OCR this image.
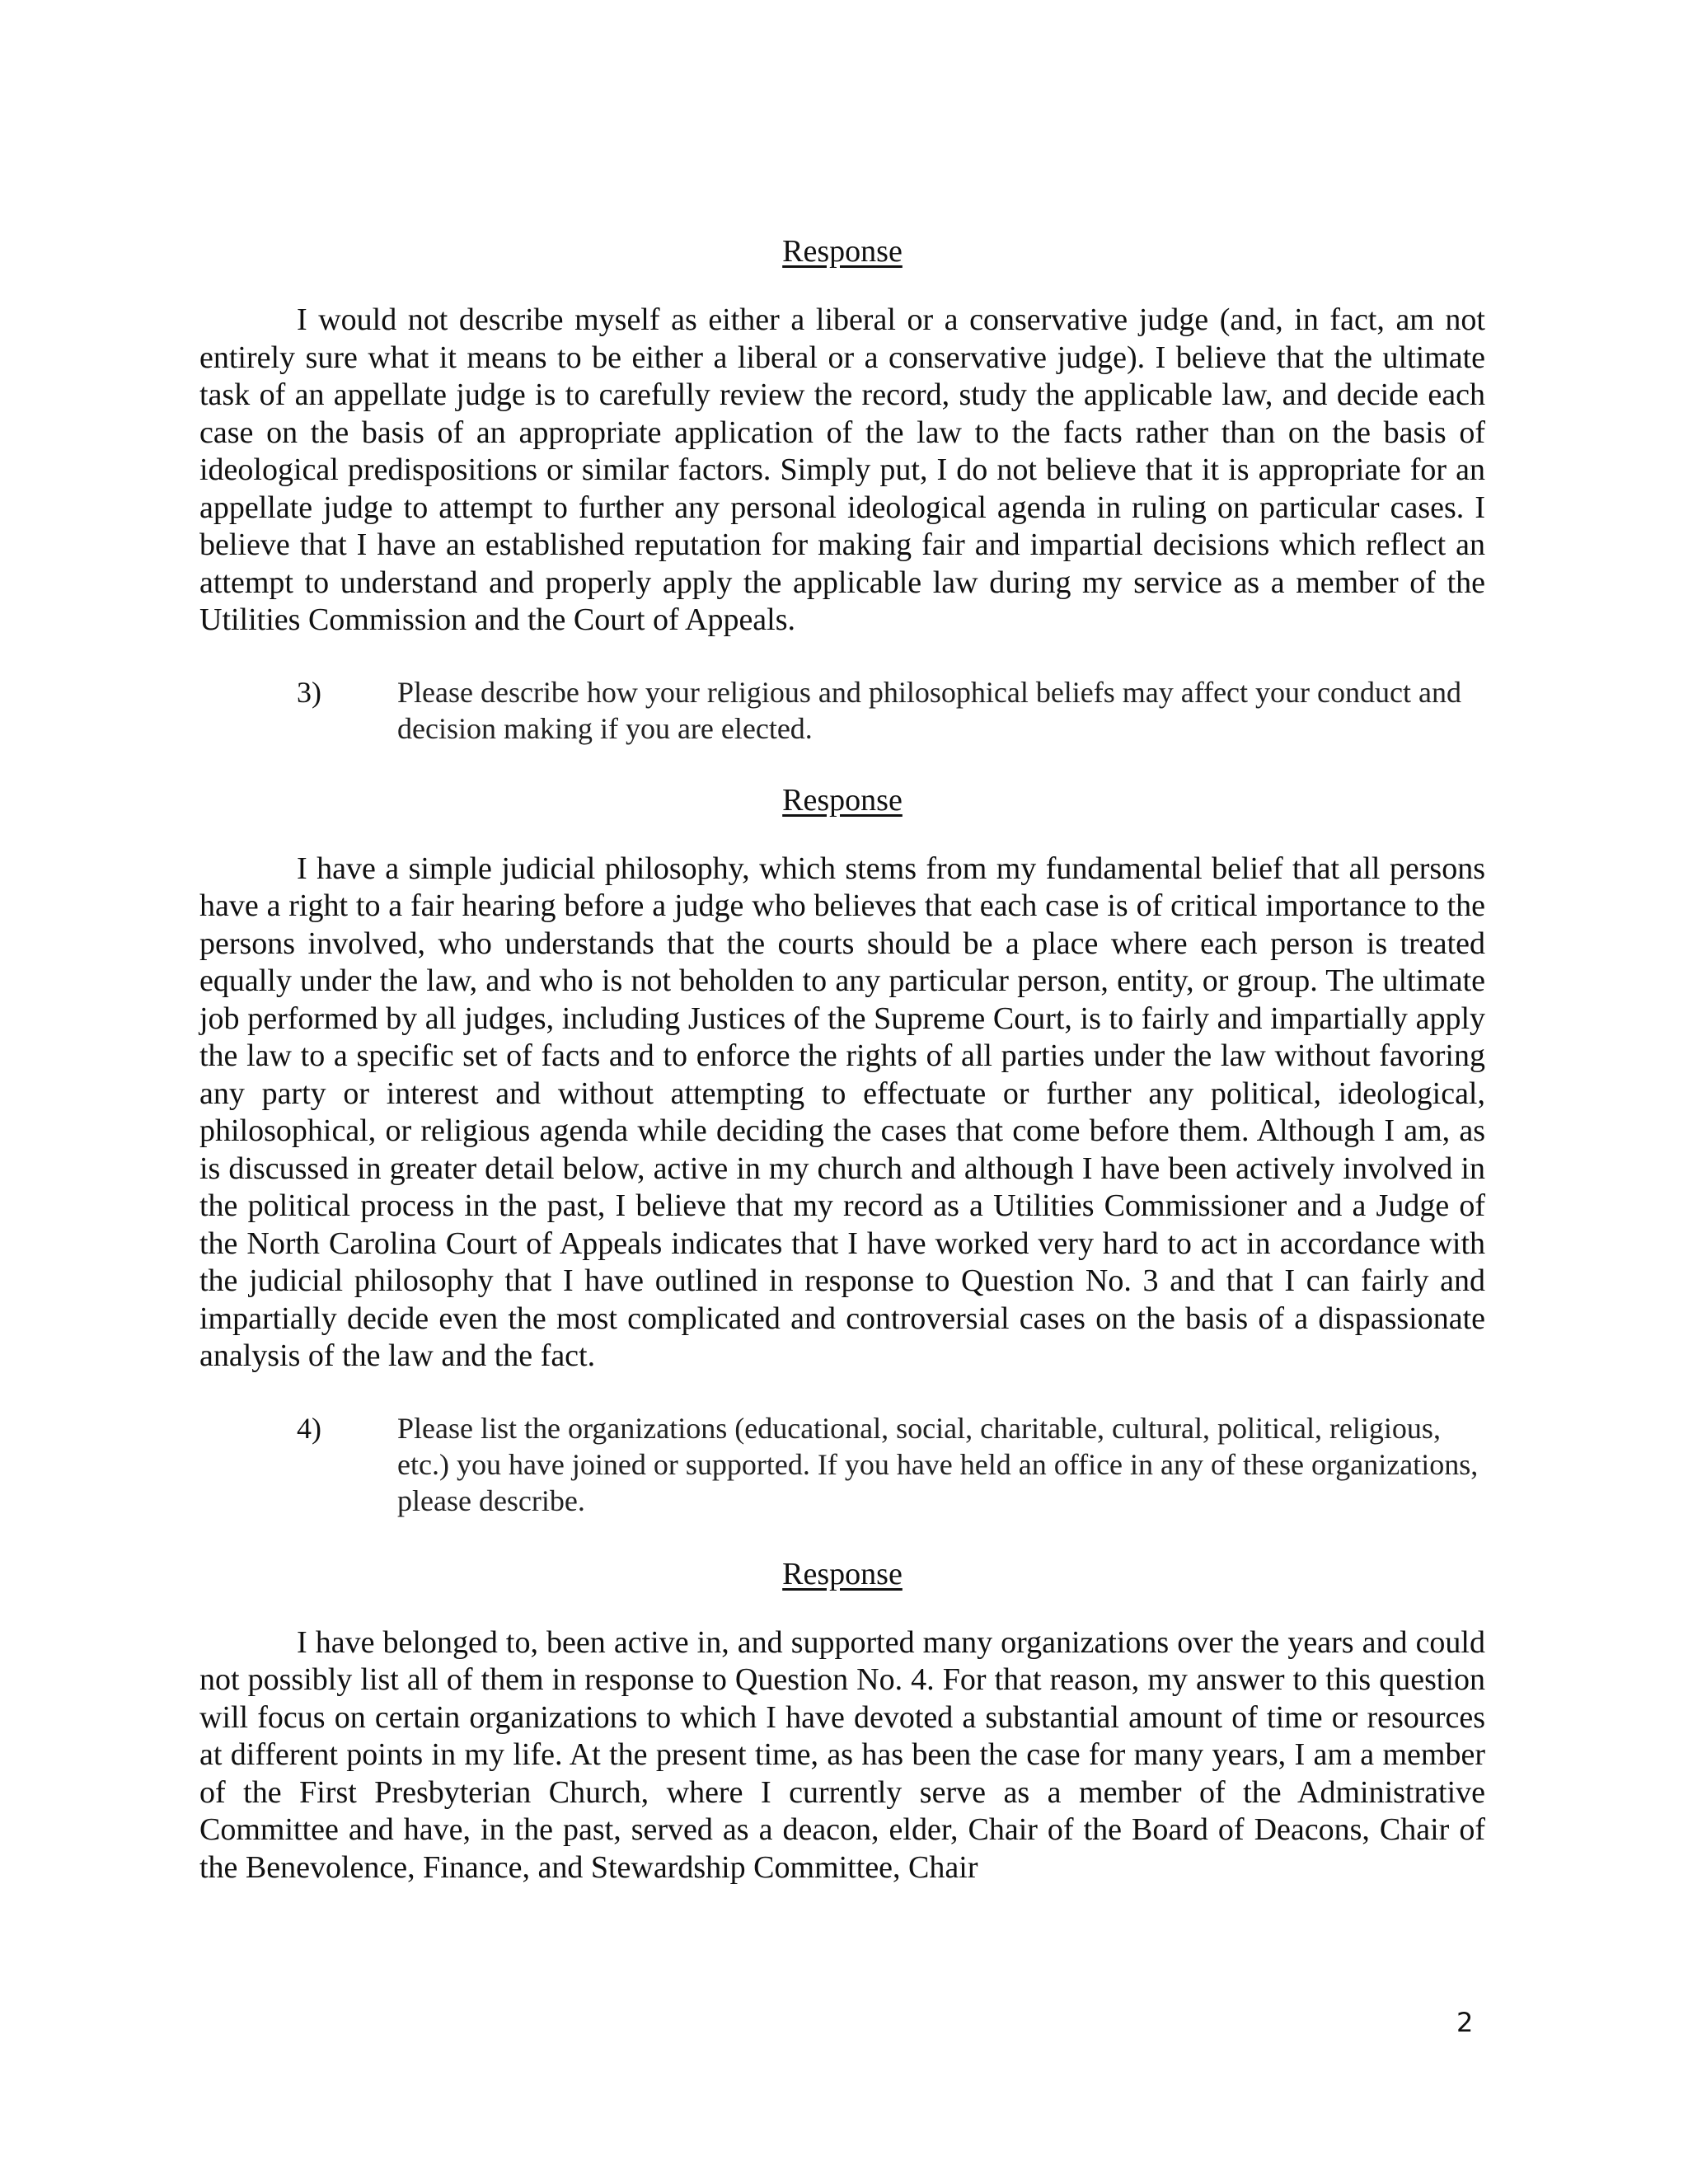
Response

I would not describe myself as either a liberal or a conservative judge (and, in fact, am not entirely sure what it means to be either a liberal or a conservative judge). I believe that the ultimate task of an appellate judge is to carefully review the record, study the applicable law, and decide each case on the basis of an appropriate application of the law to the facts rather than on the basis of ideological predispositions or similar factors. Simply put, I do not believe that it is appropriate for an appellate judge to attempt to further any personal ideological agenda in ruling on particular cases. I believe that I have an established reputation for making fair and impartial decisions which reflect an attempt to understand and properly apply the applicable law during my service as a member of the Utilities Commission and the Court of Appeals.

3)	Please describe how your religious and philosophical beliefs may affect your conduct and decision making if you are elected.

Response

I have a simple judicial philosophy, which stems from my fundamental belief that all persons have a right to a fair hearing before a judge who believes that each case is of critical importance to the persons involved, who understands that the courts should be a place where each person is treated equally under the law, and who is not beholden to any particular person, entity, or group. The ultimate job performed by all judges, including Justices of the Supreme Court, is to fairly and impartially apply the law to a specific set of facts and to enforce the rights of all parties under the law without favoring any party or interest and without attempting to effectuate or further any political, ideological, philosophical, or religious agenda while deciding the cases that come before them. Although I am, as is discussed in greater detail below, active in my church and although I have been actively involved in the political process in the past, I believe that my record as a Utilities Commissioner and a Judge of the North Carolina Court of Appeals indicates that I have worked very hard to act in accordance with the judicial philosophy that I have outlined in response to Question No. 3 and that I can fairly and impartially decide even the most complicated and controversial cases on the basis of a dispassionate analysis of the law and the fact.

4)	Please list the organizations (educational, social, charitable, cultural, political, religious, etc.) you have joined or supported. If you have held an office in any of these organizations, please describe.

Response

I have belonged to, been active in, and supported many organizations over the years and could not possibly list all of them in response to Question No. 4. For that reason, my answer to this question will focus on certain organizations to which I have devoted a substantial amount of time or resources at different points in my life. At the present time, as has been the case for many years, I am a member of the First Presbyterian Church, where I currently serve as a member of the Administrative Committee and have, in the past, served as a deacon, elder, Chair of the Board of Deacons, Chair of the Benevolence, Finance, and Stewardship Committee, Chair

2
